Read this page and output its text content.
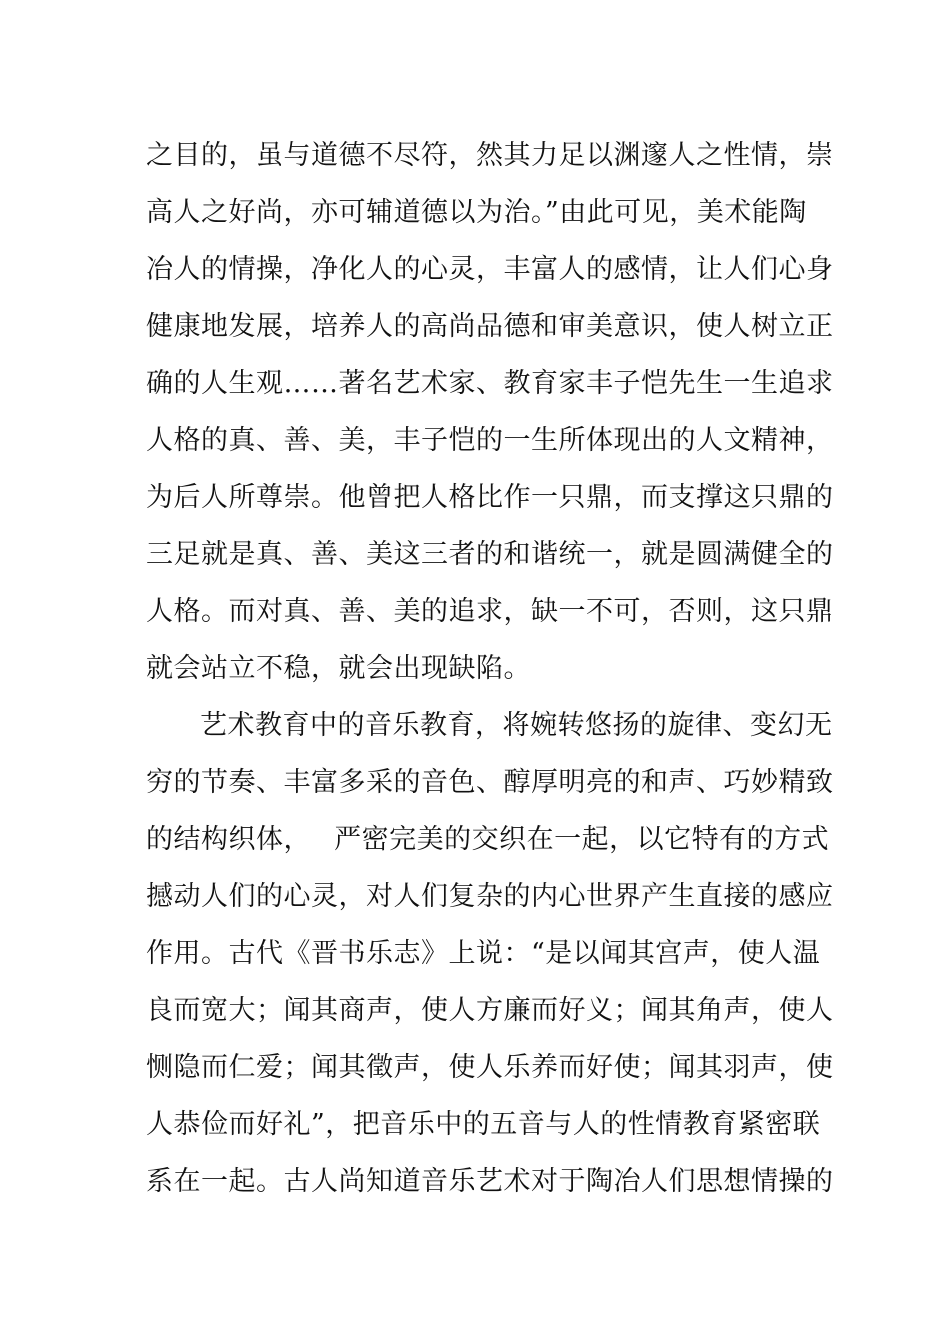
之目的，虽与道德不尽符，然其力足以渊邃人之性情，崇
高人之好尚，亦可辅道德以为治。”由此可见，美术能陶
冶人的情操，净化人的心灵，丰富人的感情，让人们心身
健康地发展，培养人的高尚品德和审美意识，使人树立正
确的人生观……著名艺术家、教育家丰子恺先生一生追求
人格的真、善、美，丰子恺的一生所体现出的人文精神，
为后人所尊崇。他曾把人格比作一只鼎，而支撑这只鼎的
三足就是真、善、美这三者的和谐统一，就是圆满健全的
人格。而对真、善、美的追求，缺一不可，否则，这只鼎
就会站立不稳，就会出现缺陷。
艺术教育中的音乐教育，将婉转悠扬的旋律、变幻无
穷的节奏、丰富多采的音色、醇厚明亮的和声、巧妙精致
的结构织体，　 严密完美的交织在一起，以它特有的方式
撼动人们的心灵，对人们复杂的内心世界产生直接的感应
作用。古代《晋书乐志》上说：“是以闻其宫声，使人温
良而宽大；闻其商声，使人方廉而好义；闻其角声，使人
恻隐而仁爱；闻其徵声，使人乐养而好使；闻其羽声，使
人恭俭而好礼”，把音乐中的五音与人的性情教育紧密联
系在一起。古人尚知道音乐艺术对于陶冶人们思想情操的
